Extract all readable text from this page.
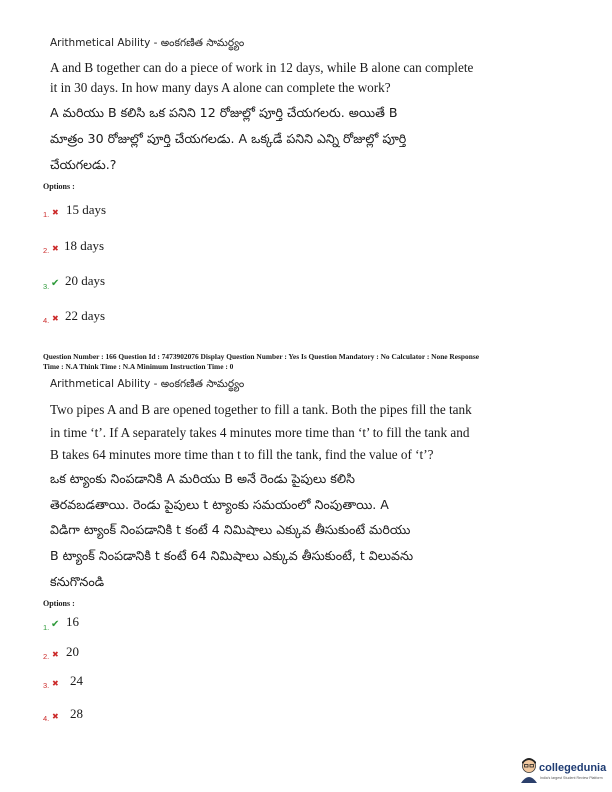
Arithmetical Ability - అంకగణిత సామర్థ్యం
A and B together can do a piece of work in 12 days, while B alone can complete
it in 30 days. In how many days A alone can complete the work?
A మరియు B కలిసి ఒక పనిని 12 రోజుల్లో పూర్తి చేయగలరు. అయితే B
మాత్రం 30 రోజుల్లో పూర్తి చేయగలడు. A ఒక్కడే పనిని ఎన్ని రోజుల్లో పూర్తి
చేయగలడు.?
Options :
1. ✖ 15 days
2. ✖ 18 days
3. ✔ 20 days
4. ✖ 22 days
Question Number : 166 Question Id : 7473902076 Display Question Number : Yes Is Question Mandatory : No Calculator : None Response
Time : N.A Think Time : N.A Minimum Instruction Time : 0
Arithmetical Ability - అంకగణిత సామర్థ్యం
Two pipes A and B are opened together to fill a tank. Both the pipes fill the tank
in time ‘t’. If A separately takes 4 minutes more time than ‘t’ to fill the tank and
B takes 64 minutes more time than t to fill the tank, find the value of ‘t’?
ఒక ట్యాంకు నింపడానికి A మరియు B అనే రెండు పైపులు కలిసి
తెరవబడతాయి. రెండు పైపులు t ట్యాంకు సమయంలో నింపుతాయి. A
విడిగా ట్యాంక్ నింపడానికి t కంటే 4 నిమిషాలు ఎక్కువ తీసుకుంటే మరియు
B ట్యాంక్ నింపడానికి t కంటే 64 నిమిషాలు ఎక్కువ తీసుకుంటే, t విలువను
కనుగొనండి
Options :
1. ✔ 16
2. ✖ 20
3. ✖ 24
4. ✖ 28
collegedunia
India's largest Student Review Platform
